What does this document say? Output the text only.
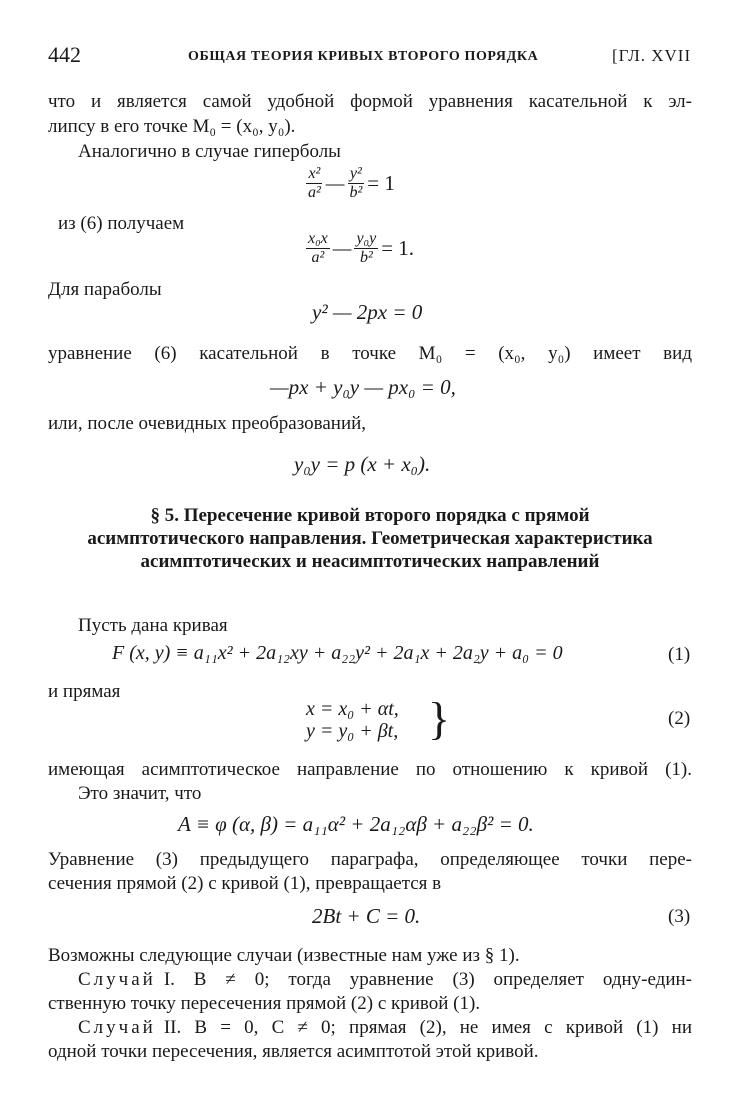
442	ОБЩАЯ ТЕОРИЯ КРИВЫХ ВТОРОГО ПОРЯДКА	[ГЛ. XVII
что и является самой удобной формой уравнения касательной к эл-
липсу в его точке M₀ = (x₀, y₀).
Аналогично в случае гиперболы
$\frac{\text{x²}}{\text{a²}}$ — $\frac{\text{y²}}{\text{b²}} = 1$
из (6) получаем
$\frac{\text{x₀x}}{\text{a²}}$ — $\frac{\text{y₀y}}{\text{b²}} = 1$.
Для параболы
y² — 2px = 0
уравнение (6) касательной в точке M₀ = (x₀, y₀) имеет вид
—px + y₀y — px₀ = 0,
или, после очевидных преобразований,
y₀y = p (x + x₀).
§ 5. Пересечение кривой второго порядка с прямой асимптотического направления. Геометрическая характеристика асимптотических и неасимптотических направлений
Пусть дана кривая
F (x, y) ≡ a₁₁x² + 2a₁₂xy + a₂₂y² + 2a₁x + 2a₂y + a₀ = 0	(1)
и прямая
x = x₀ + αt,
y = y₀ + βt, }	(2)
имеющая асимптотическое направление по отношению к кривой (1).
Это значит, что
A ≡ φ (α, β) = a₁₁α² + 2a₁₂αβ + a₂₂β² = 0.
Уравнение (3) предыдущего параграфа, определяющее точки пере-
сечения прямой (2) с кривой (1), превращается в
2Bt + C = 0.	(3)
Возможны следующие случаи (известные нам уже из § 1).
Случай I. B ≠ 0; тогда уравнение (3) определяет одну-един-
ственную точку пересечения прямой (2) с кривой (1).
Случай II. B = 0, C ≠ 0; прямая (2), не имея с кривой (1) ни
одной точки пересечения, является асимптотой этой кривой.
